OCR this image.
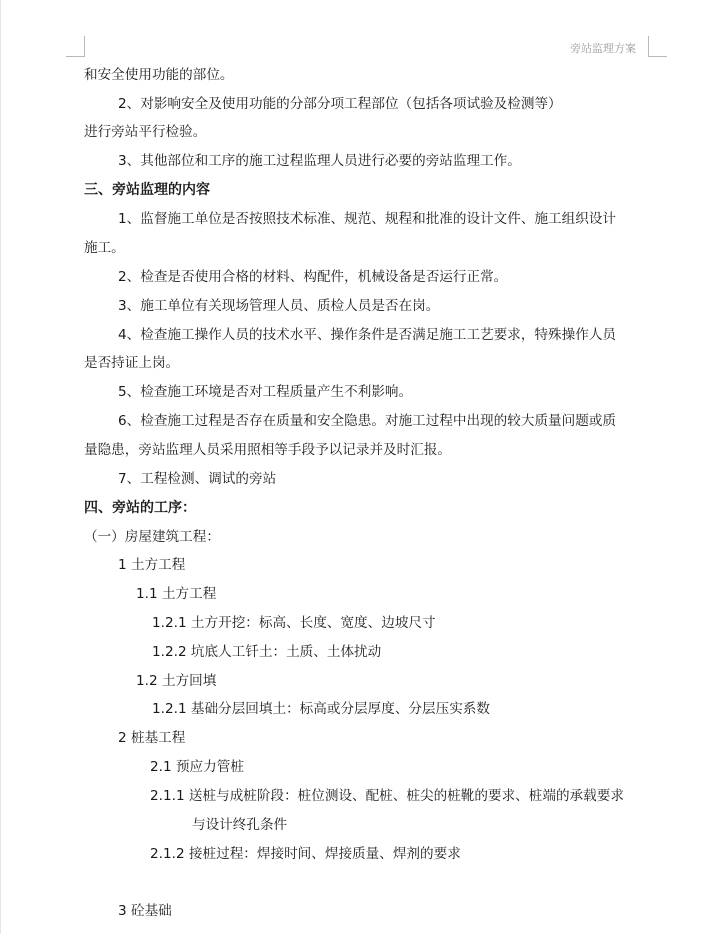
旁站监理方案
和安全使用功能的部位。
2、对影响安全及使用功能的分部分项工程部位（包括各项试验及检测等）
进行旁站平行检验。
3、其他部位和工序的施工过程监理人员进行必要的旁站监理工作。
三、旁站监理的内容
1、监督施工单位是否按照技术标准、规范、规程和批准的设计文件、施工组织设计
施工。
2、检查是否使用合格的材料、构配件，机械设备是否运行正常。
3、施工单位有关现场管理人员、质检人员是否在岗。
4、检查施工操作人员的技术水平、操作条件是否满足施工工艺要求，特殊操作人员
是否持证上岗。
5、检查施工环境是否对工程质量产生不利影响。
6、检查施工过程是否存在质量和安全隐患。对施工过程中出现的较大质量问题或质
量隐患，旁站监理人员采用照相等手段予以记录并及时汇报。
7、工程检测、调试的旁站
四、旁站的工序：
（一）房屋建筑工程：
1 土方工程
1.1 土方工程
1.2.1 土方开挖：标高、长度、宽度、边坡尺寸
1.2.2 坑底人工钎土：土质、土体扰动
1.2 土方回填
1.2.1 基础分层回填土：标高或分层厚度、分层压实系数
2 桩基工程
2.1 预应力管桩
2.1.1 送桩与成桩阶段：桩位测设、配桩、桩尖的桩靴的要求、桩端的承载要求
与设计终孔条件
2.1.2 接桩过程：焊接时间、焊接质量、焊剂的要求
3 砼基础
